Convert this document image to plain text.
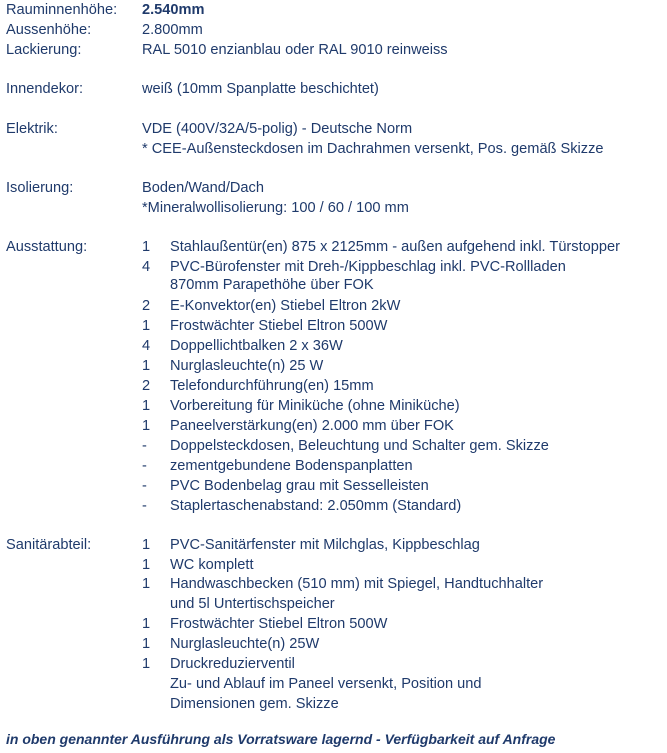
Rauminnenhöhe: 2.540mm
Aussenhöhe:	2.800mm
Lackierung:	RAL 5010 enzianblau oder RAL 9010 reinweiss
Innendekor:	weiß (10mm Spanplatte beschichtet)
Elektrik:	VDE (400V/32A/5-polig) - Deutsche Norm
* CEE-Außensteckdosen im Dachrahmen versenkt, Pos. gemäß Skizze
Isolierung:	Boden/Wand/Dach
*Mineralwollisolierung: 100 / 60 / 100 mm
Ausstattung:	1	Stahlaußentür(en) 875 x 2125mm - außen aufgehend inkl. Türstopper
4	PVC-Bürofenster mit Dreh-/Kippbeschlag inkl. PVC-Rollladen
870mm Parapethöhe über FOK
2	E-Konvektor(en) Stiebel Eltron 2kW
1	Frostwächter Stiebel Eltron 500W
4	Doppellichtbalken 2 x 36W
1	Nurglasleuchte(n) 25 W
2	Telefondurchführung(en) 15mm
1	Vorbereitung für Miniküche (ohne Miniküche)
1	Paneelverstärkung(en) 2.000 mm über FOK
-	Doppelsteckdosen, Beleuchtung und Schalter gem. Skizze
-	zementgebundene Bodenspanplatten
-	PVC Bodenbelag grau mit Sesselleisten
-	Staplertaschenabstand: 2.050mm (Standard)
Sanitärabteil:	1	PVC-Sanitärfenster mit Milchglas, Kippbeschlag
1	WC komplett
1	Handwaschbecken (510 mm) mit Spiegel, Handtuchhalter
und 5l Untertischspeicher
1	Frostwächter Stiebel Eltron 500W
1	Nurglasleuchte(n) 25W
1	Druckreduzierventil
Zu- und Ablauf im Paneel versenkt, Position und
Dimensionen gem. Skizze
in oben genannter Ausführung als Vorratsware lagernd - Verfügbarkeit auf Anfrage
